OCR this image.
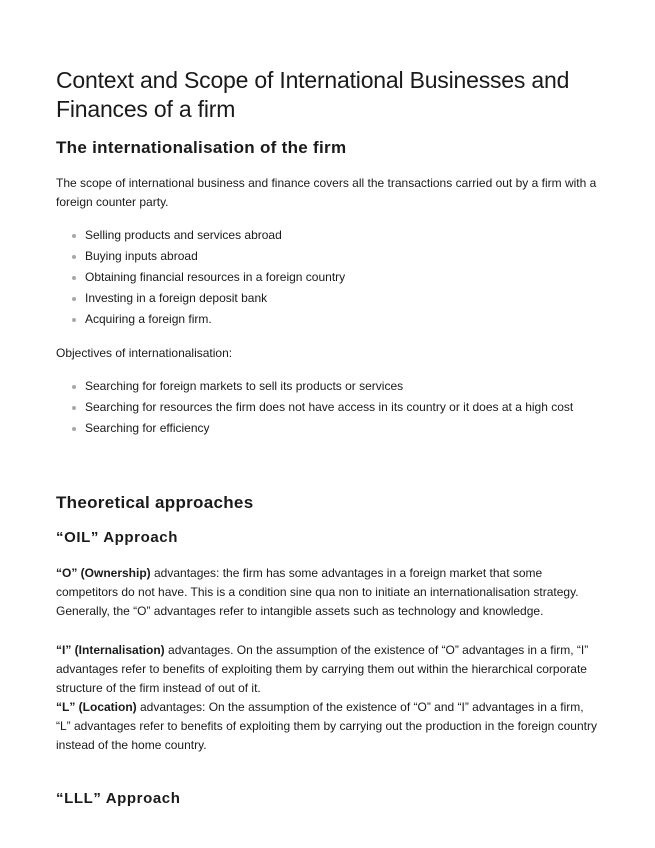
Context and Scope of International Businesses and Finances of a firm
The internationalisation of the firm

The scope of international business and finance covers all the transactions carried out by a firm with a foreign counter party.

Selling products and services abroad
Buying inputs abroad
Obtaining financial resources in a foreign country
Investing in a foreign deposit bank
Acquiring a foreign firm.

Objectives of internationalisation:

Searching for foreign markets to sell its products or services
Searching for resources the firm does not have access in its country or it does at a high cost
Searching for efficiency
Theoretical approaches
“OIL” Approach

“O” (Ownership) advantages: the firm has some advantages in a foreign market that some competitors do not have. This is a condition sine qua non to initiate an internationalisation strategy. Generally, the “O” advantages refer to intangible assets such as technology and knowledge.

“I” (Internalisation) advantages. On the assumption of the existence of “O” advantages in a firm, “I” advantages refer to benefits of exploiting them by carrying them out within the hierarchical corporate structure of the firm instead of out of it.

“L” (Location) advantages: On the assumption of the existence of “O” and “I” advantages in a firm, “L” advantages refer to benefits of exploiting them by carrying out the production in the foreign country instead of the home country.

“LLL” Approach
